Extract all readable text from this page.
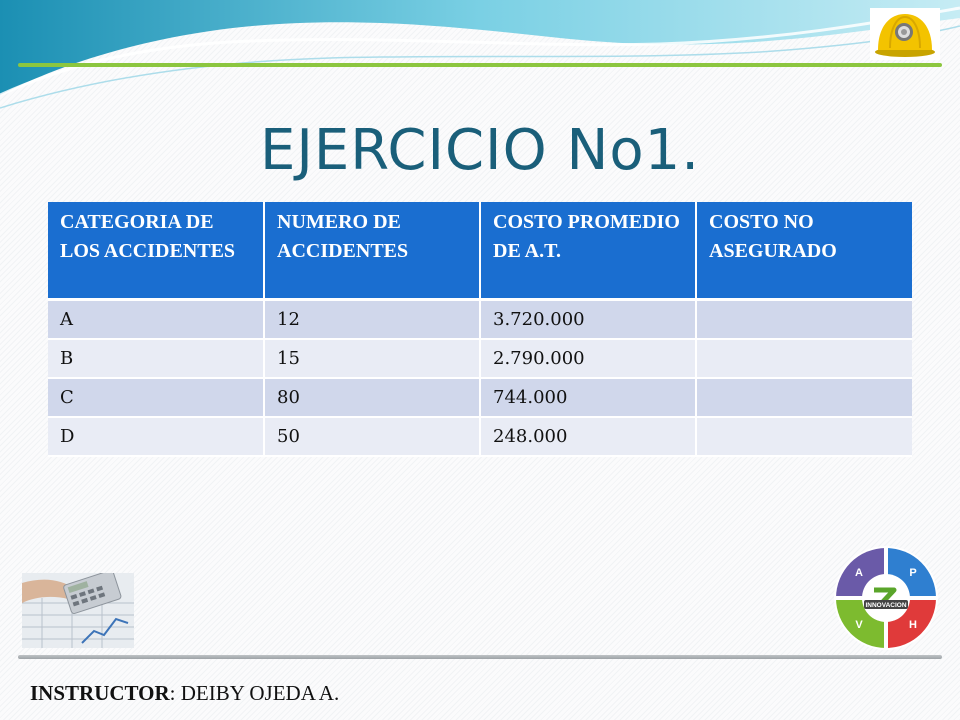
EJERCICIO No1.
CATEGORIA DE LOS ACCIDENTES	NUMERO DE ACCIDENTES	COSTO PROMEDIO DE A.T.	COSTO NO ASEGURADO
A	12	3.720.000	
B	15	2.790.000	
C	80	744.000	
D	50	248.000	
INNOVACION
A	P
V	H
INSTRUCTOR: DEIBY OJEDA A.
